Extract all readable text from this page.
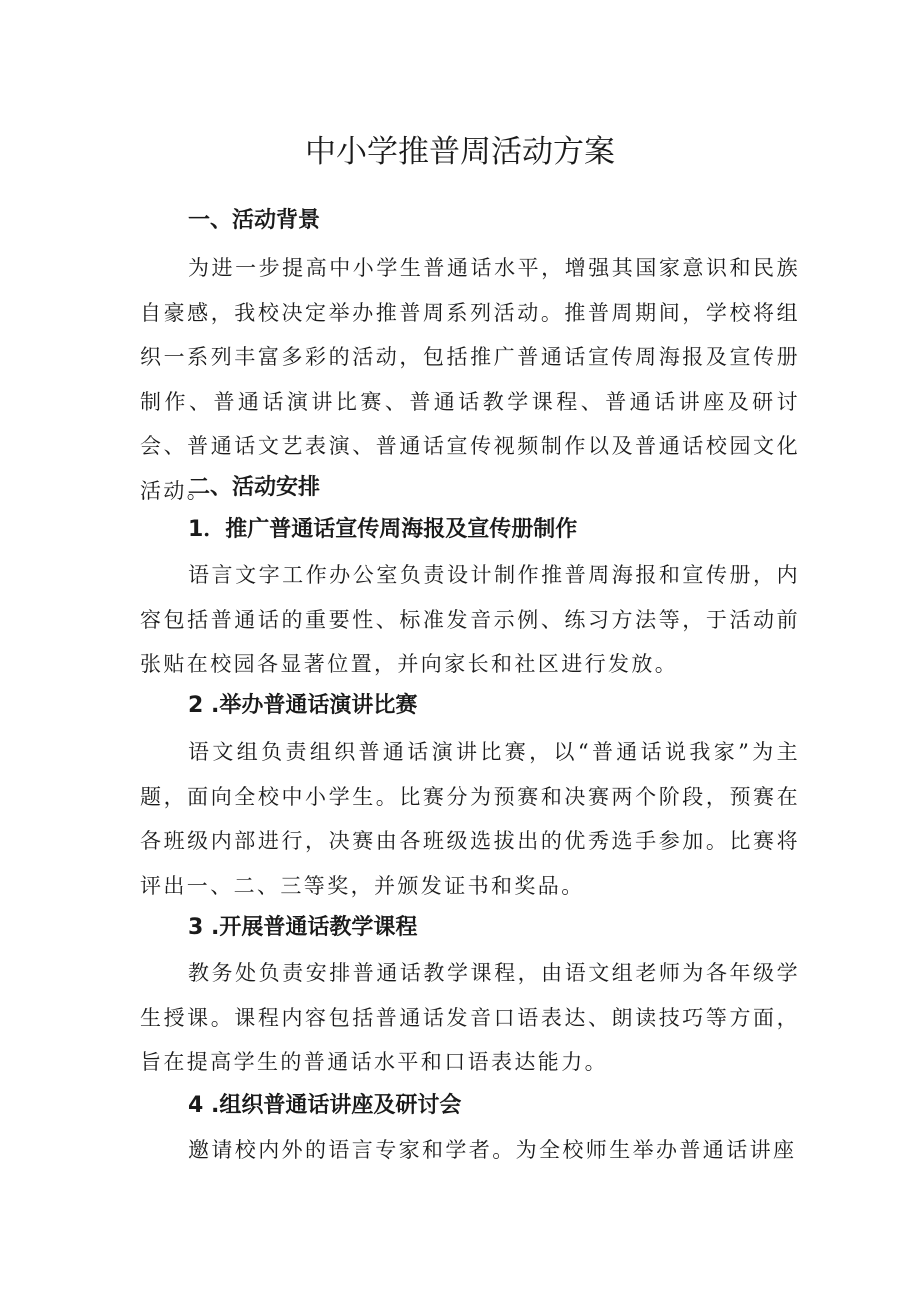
中小学推普周活动方案
一、活动背景

为进一步提高中小学生普通话水平，增强其国家意识和民族自豪感，我校决定举办推普周系列活动。推普周期间，学校将组织一系列丰富多彩的活动，包括推广普通话宣传周海报及宣传册制作、普通话演讲比赛、普通话教学课程、普通话讲座及研讨会、普通话文艺表演、普通话宣传视频制作以及普通话校园文化活动。

二、活动安排
1．推广普通话宣传周海报及宣传册制作

语言文字工作办公室负责设计制作推普周海报和宣传册，内容包括普通话的重要性、标准发音示例、练习方法等，于活动前张贴在校园各显著位置，并向家长和社区进行发放。

2 .举办普通话演讲比赛

语文组负责组织普通话演讲比赛，以“普通话说我家”为主题，面向全校中小学生。比赛分为预赛和决赛两个阶段，预赛在各班级内部进行，决赛由各班级选拔出的优秀选手参加。比赛将评出一、二、三等奖，并颁发证书和奖品。

3 .开展普通话教学课程

教务处负责安排普通话教学课程，由语文组老师为各年级学生授课。课程内容包括普通话发音口语表达、朗读技巧等方面，旨在提高学生的普通话水平和口语表达能力。

4 .组织普通话讲座及研讨会

邀请校内外的语言专家和学者。为全校师生举办普通话讲座
